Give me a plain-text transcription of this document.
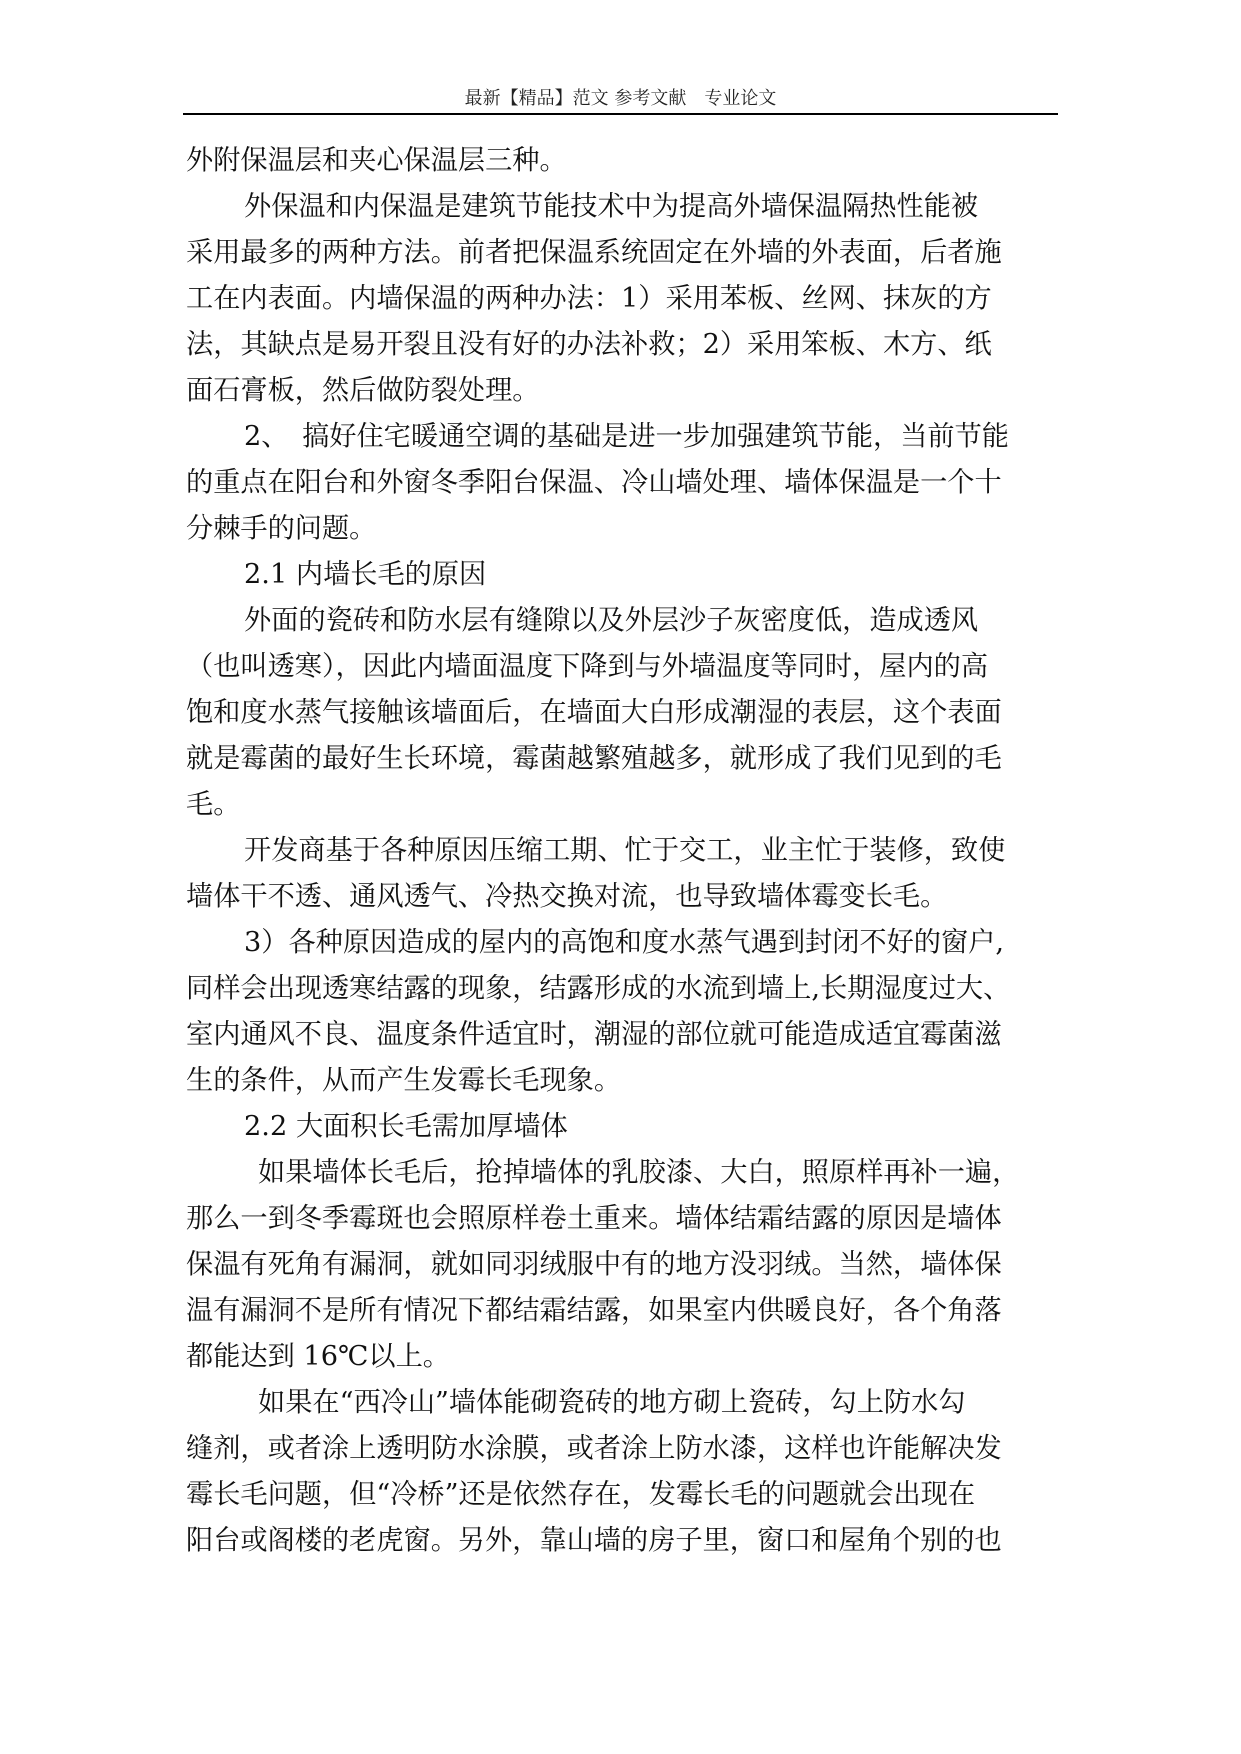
最新【精品】范文 参考文献　专业论文
外附保温层和夹心保温层三种。
外保温和内保温是建筑节能技术中为提高外墙保温隔热性能被
采用最多的两种方法。前者把保温系统固定在外墙的外表面，后者施
工在内表面。内墙保温的两种办法：1）采用苯板、丝网、抹灰的方
法，其缺点是易开裂且没有好的办法补救；2）采用笨板、木方、纸
面石膏板，然后做防裂处理。
2、　搞好住宅暖通空调的基础是进一步加强建筑节能，当前节能
的重点在阳台和外窗冬季阳台保温、冷山墙处理、墙体保温是一个十
分棘手的问题。
2.1 内墙长毛的原因
外面的瓷砖和防水层有缝隙以及外层沙子灰密度低，造成透风
（也叫透寒），因此内墙面温度下降到与外墙温度等同时，屋内的高
饱和度水蒸气接触该墙面后，在墙面大白形成潮湿的表层，这个表面
就是霉菌的最好生长环境，霉菌越繁殖越多，就形成了我们见到的毛
毛。
开发商基于各种原因压缩工期、忙于交工，业主忙于装修，致使
墙体干不透、通风透气、冷热交换对流，也导致墙体霉变长毛。
3）各种原因造成的屋内的高饱和度水蒸气遇到封闭不好的窗户,
同样会出现透寒结露的现象，结露形成的水流到墙上,长期湿度过大、
室内通风不良、温度条件适宜时，潮湿的部位就可能造成适宜霉菌滋
生的条件，从而产生发霉长毛现象。
2.2 大面积长毛需加厚墙体
如果墙体长毛后，抢掉墙体的乳胶漆、大白，照原样再补一遍，
那么一到冬季霉斑也会照原样卷土重来。墙体结霜结露的原因是墙体
保温有死角有漏洞，就如同羽绒服中有的地方没羽绒。当然，墙体保
温有漏洞不是所有情况下都结霜结露，如果室内供暖良好，各个角落
都能达到 16℃以上。
如果在“西冷山”墙体能砌瓷砖的地方砌上瓷砖，勾上防水勾
缝剂，或者涂上透明防水涂膜，或者涂上防水漆，这样也许能解决发
霉长毛问题，但“冷桥”还是依然存在，发霉长毛的问题就会出现在
阳台或阁楼的老虎窗。另外，靠山墙的房子里，窗口和屋角个别的也
